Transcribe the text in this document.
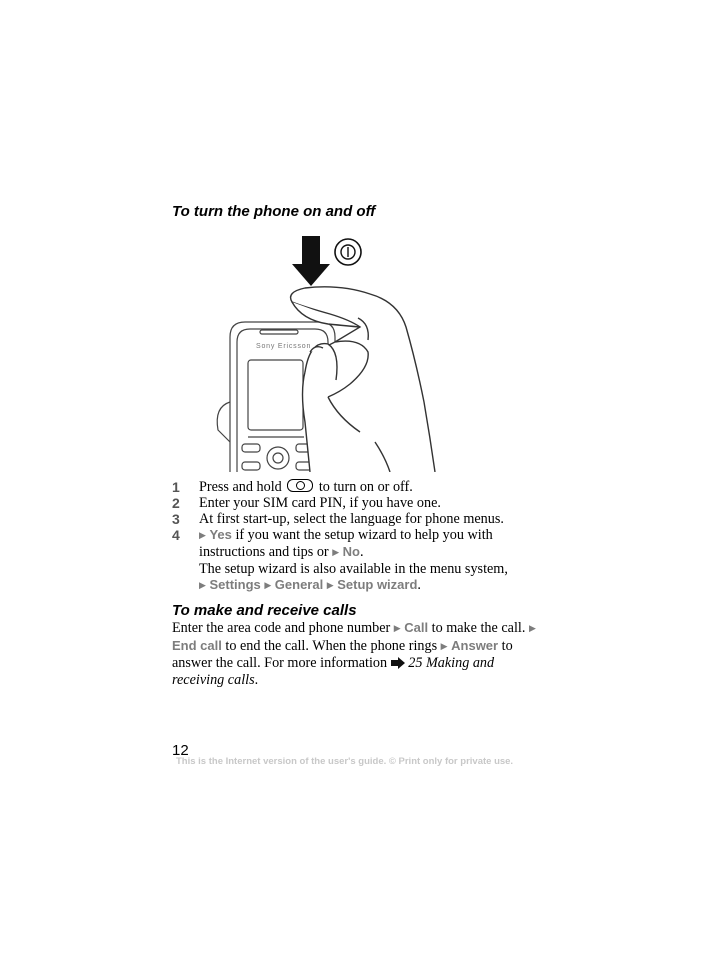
To turn the phone on and off
Sony Ericsson
1 Press and hold	to turn on or off.
2 Enter your SIM card PIN, if you have one.
3 At first start-up, select the language for phone menus.
4 ▶ Yes if you want the setup wizard to help you with instructions and tips or ▶ No.
The setup wizard is also available in the menu system,
▶ Settings ▶ General ▶ Setup wizard.
To make and receive calls

Enter the area code and phone number ▶ Call to make the call. ▶ End call to end the call. When the phone rings ▶ Answer to answer the call. For more information 25 Making and receiving calls.

12
This is the Internet version of the user's guide. © Print only for private use.
